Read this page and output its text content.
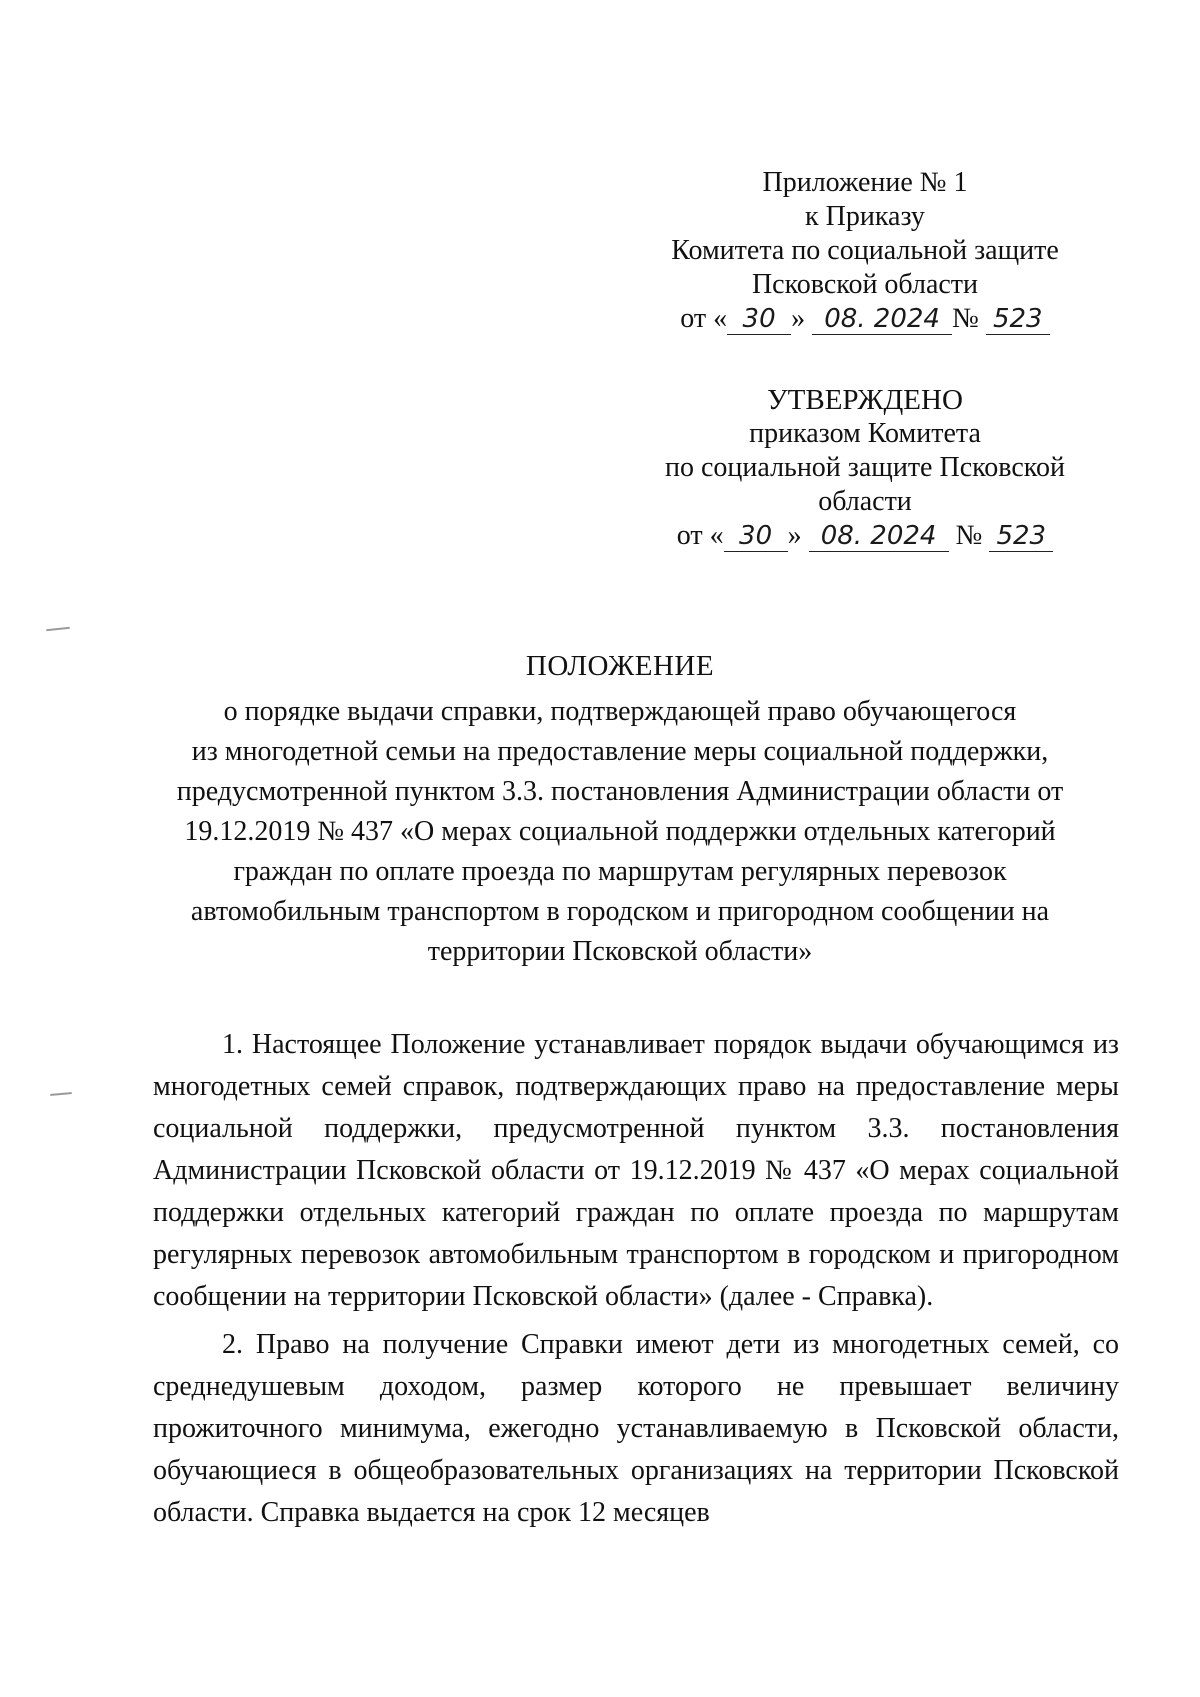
Приложение № 1
к Приказу
Комитета по социальной защите
Псковской области
от « 30 » 08. 2024 № 523
УТВЕРЖДЕНО
приказом Комитета
по социальной защите Псковской
области
от « 30 » 08. 2024 № 523
ПОЛОЖЕНИЕ
о порядке выдачи справки, подтверждающей право обучающегося
из многодетной семьи на предоставление меры социальной поддержки,
предусмотренной пунктом 3.3. постановления Администрации области от
19.12.2019 № 437 «О мерах социальной поддержки отдельных категорий
граждан по оплате проезда по маршрутам регулярных перевозок
автомобильным транспортом в городском и пригородном сообщении на
территории Псковской области»

1. Настоящее Положение устанавливает порядок выдачи обучающимся из многодетных семей справок, подтверждающих право на предоставление меры социальной поддержки, предусмотренной пунктом 3.3. постановления Администрации Псковской области от 19.12.2019 № 437 «О мерах социальной поддержки отдельных категорий граждан по оплате проезда по маршрутам регулярных перевозок автомобильным транспортом в городском и пригородном сообщении на территории Псковской области» (далее - Справка).

2. Право на получение Справки имеют дети из многодетных семей, со среднедушевым доходом, размер которого не превышает величину прожиточного минимума, ежегодно устанавливаемую в Псковской области, обучающиеся в общеобразовательных организациях на территории Псковской области. Справка выдается на срок 12 месяцев
